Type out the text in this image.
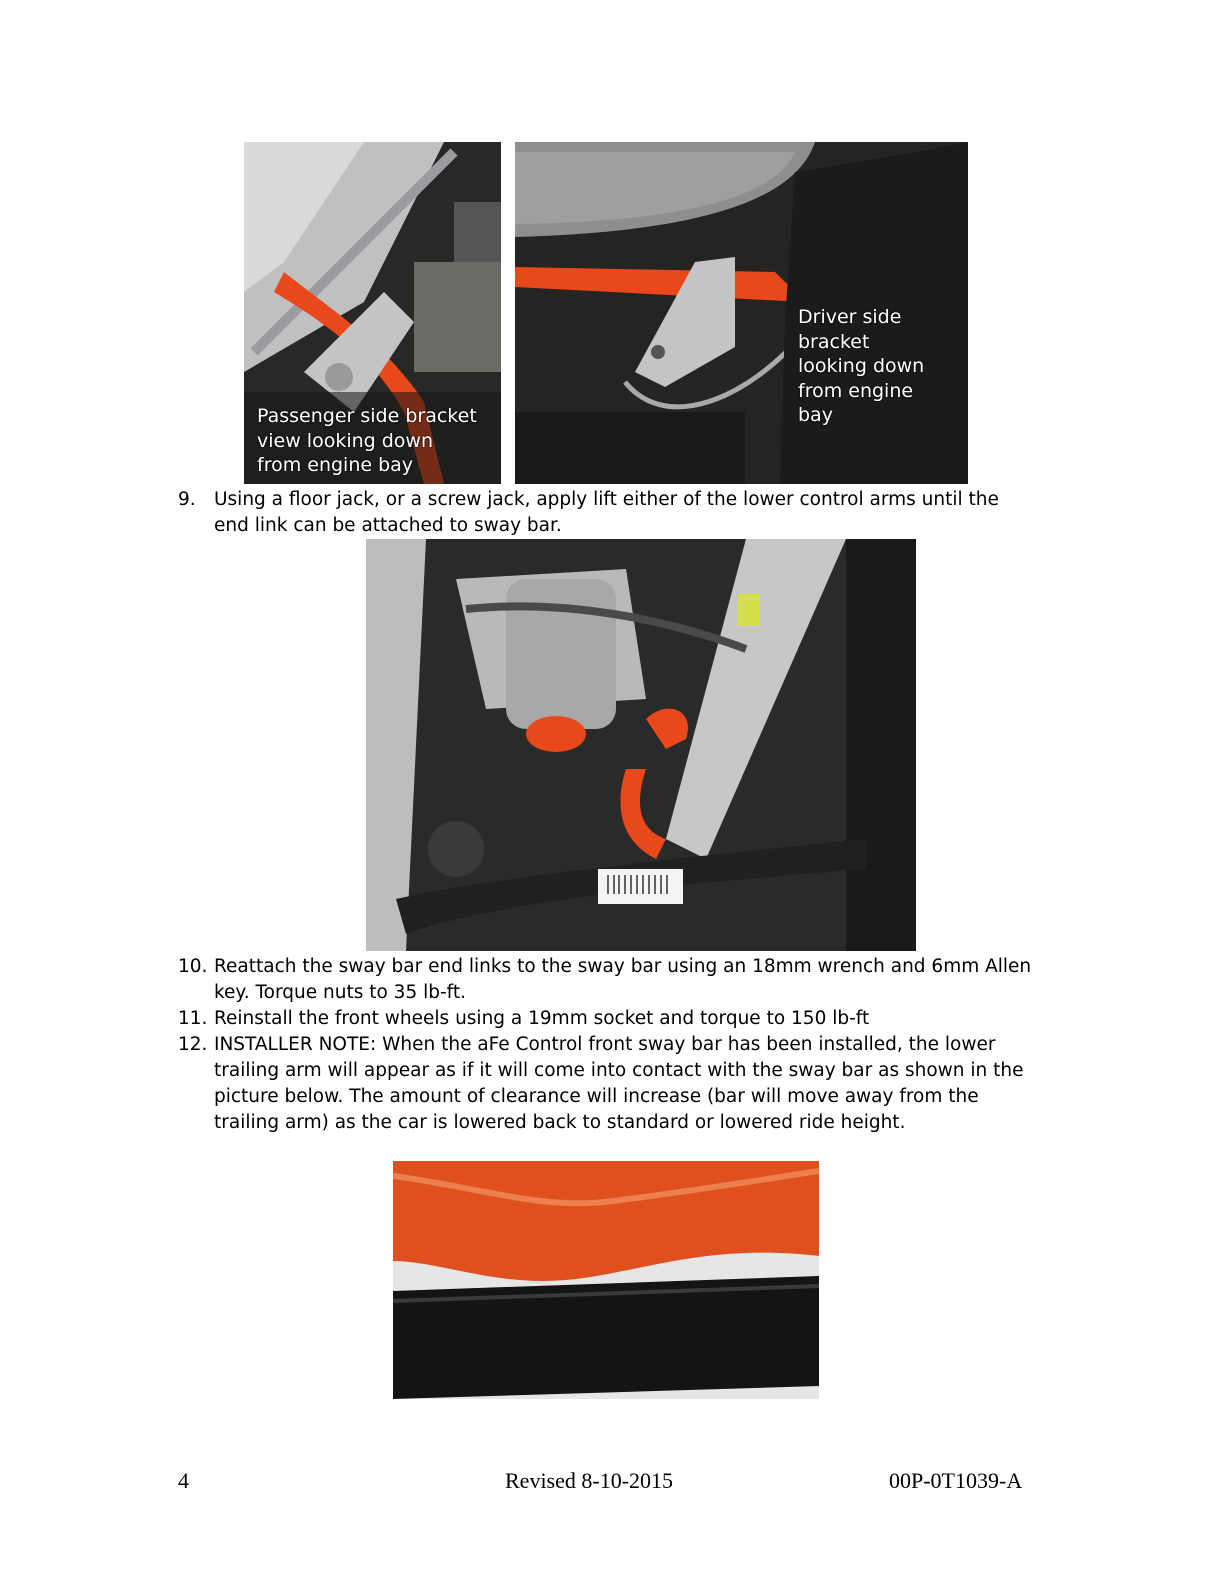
Passenger side bracket
view looking down
from engine bay
Driver side
bracket
looking down
from engine
bay
9. Using a floor jack, or a screw jack, apply lift either of the lower control arms until the end link can be attached to sway bar.
10. Reattach the sway bar end links to the sway bar using an 18mm wrench and 6mm Allen key. Torque nuts to 35 lb-ft.
11. Reinstall the front wheels using a 19mm socket and torque to 150 lb-ft
12. INSTALLER NOTE: When the aFe Control front sway bar has been installed, the lower trailing arm will appear as if it will come into contact with the sway bar as shown in the picture below. The amount of clearance will increase (bar will move away from the trailing arm) as the car is lowered back to standard or lowered ride height.
4	Revised 8-10-2015	00P-0T1039-A
